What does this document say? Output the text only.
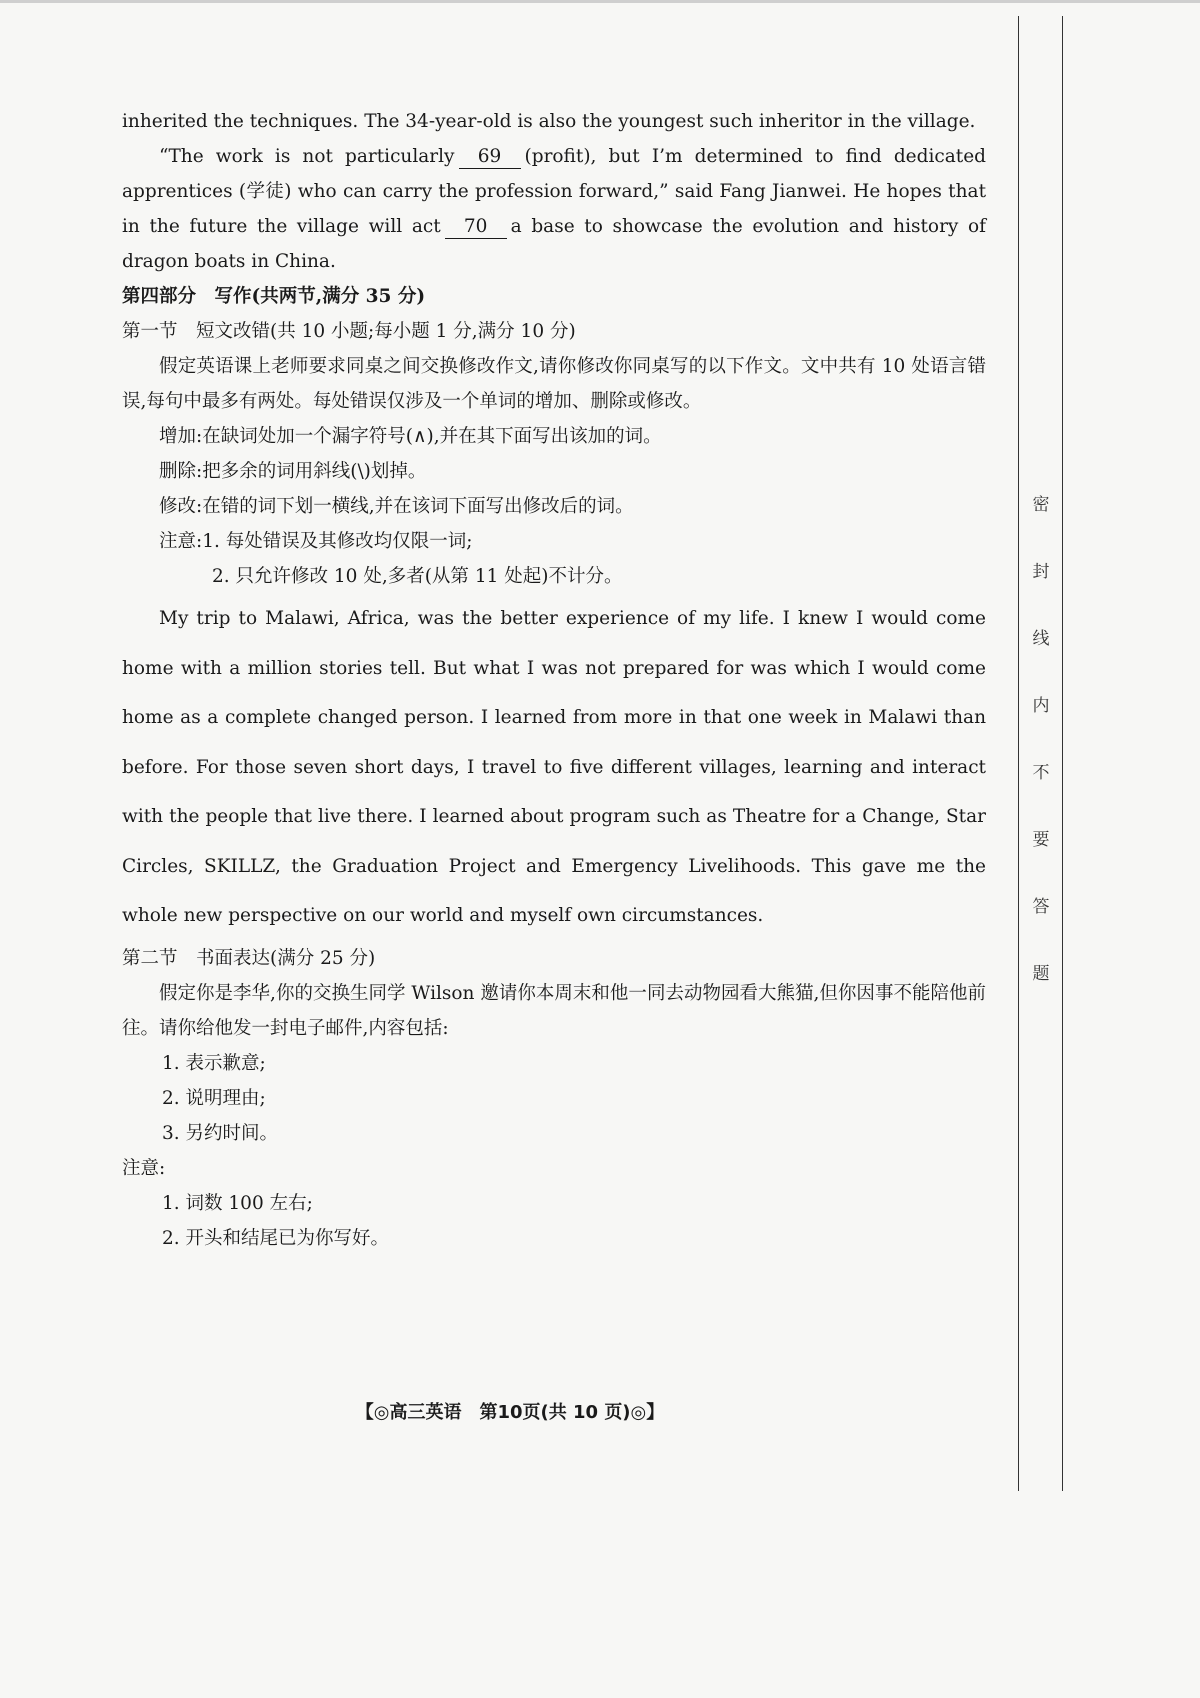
inherited the techniques. The 34-year-old is also the youngest such inheritor in the village.

“The work is not particularly 69 (profit), but I’m determined to find dedicated apprentices (学徒) who can carry the profession forward,” said Fang Jianwei. He hopes that in the future the village will act 70 a base to showcase the evolution and history of dragon boats in China.

第四部分　写作(共两节,满分 35 分)

第一节　短文改错(共 10 小题;每小题 1 分,满分 10 分)

假定英语课上老师要求同桌之间交换修改作文,请你修改你同桌写的以下作文。文中共有 10 处语言错误,每句中最多有两处。每处错误仅涉及一个单词的增加、删除或修改。

增加:在缺词处加一个漏字符号(∧),并在其下面写出该加的词。

删除:把多余的词用斜线(\)划掉。

修改:在错的词下划一横线,并在该词下面写出修改后的词。

注意:1. 每处错误及其修改均仅限一词;

2. 只允许修改 10 处,多者(从第 11 处起)不计分。

My trip to Malawi, Africa, was the better experience of my life. I knew I would come home with a million stories tell. But what I was not prepared for was which I would come home as a complete changed person. I learned from more in that one week in Malawi than before. For those seven short days, I travel to five different villages, learning and interact with the people that live there. I learned about program such as Theatre for a Change, Star Circles, SKILLZ, the Graduation Project and Emergency Livelihoods. This gave me the whole new perspective on our world and myself own circumstances.

第二节　书面表达(满分 25 分)

假定你是李华,你的交换生同学 Wilson 邀请你本周末和他一同去动物园看大熊猫,但你因事不能陪他前往。请你给他发一封电子邮件,内容包括:

1. 表示歉意;

2. 说明理由;

3. 另约时间。

注意:

1. 词数 100 左右;

2. 开头和结尾已为你写好。

【◎高三英语　第10页(共 10 页)◎】
密
封
线
内
不
要
答
题
